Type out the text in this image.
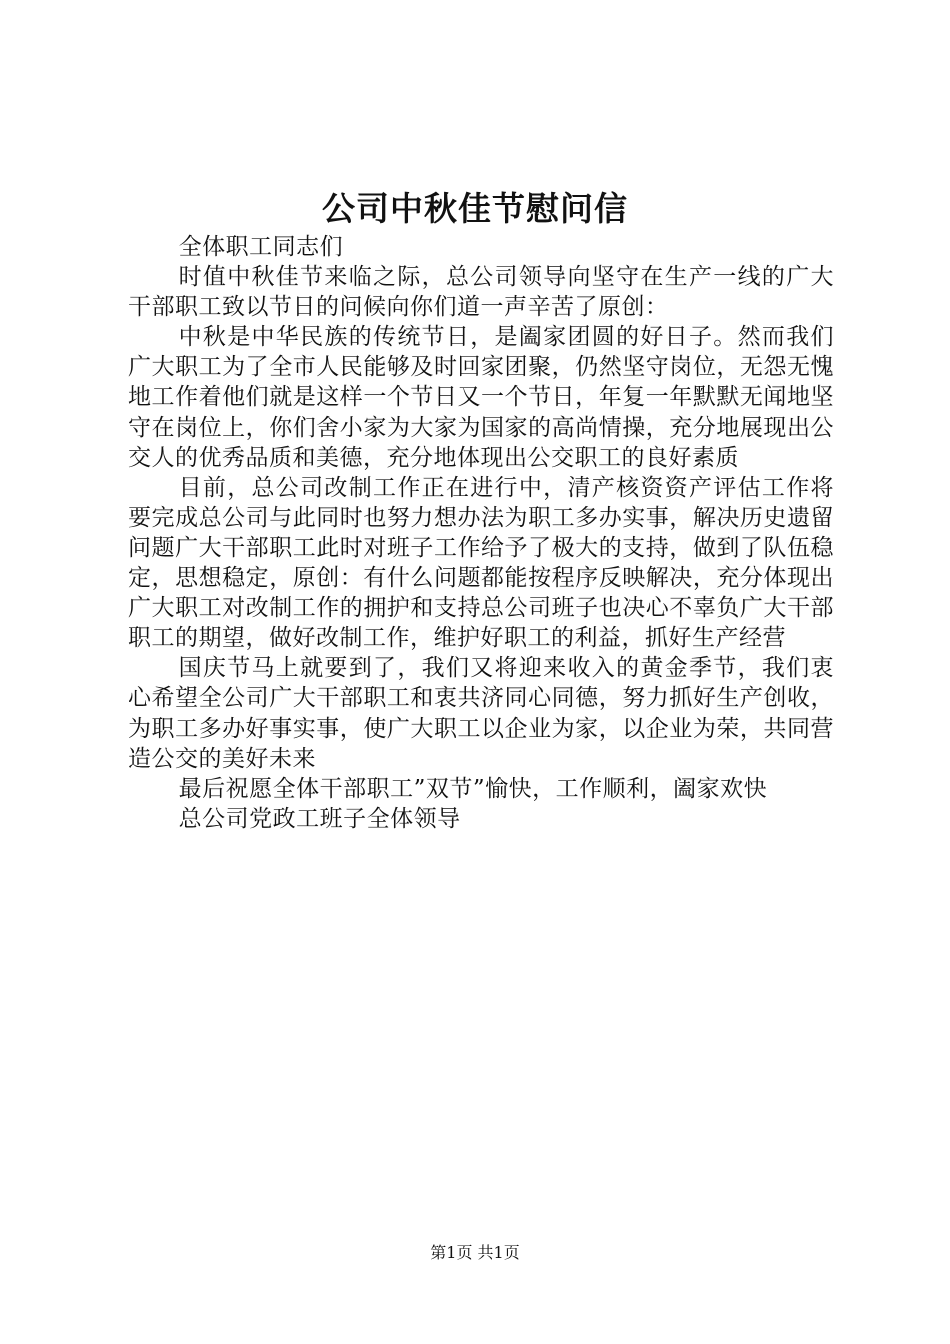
公司中秋佳节慰问信

全体职工同志们

时值中秋佳节来临之际，总公司领导向坚守在生产一线的广大干部职工致以节日的问候向你们道一声辛苦了原创：

中秋是中华民族的传统节日，是阖家团圆的好日子。然而我们广大职工为了全市人民能够及时回家团聚，仍然坚守岗位，无怨无愧地工作着他们就是这样一个节日又一个节日，年复一年默默无闻地坚守在岗位上，你们舍小家为大家为国家的高尚情操，充分地展现出公交人的优秀品质和美德，充分地体现出公交职工的良好素质

目前，总公司改制工作正在进行中，清产核资资产评估工作将要完成总公司与此同时也努力想办法为职工多办实事，解决历史遗留问题广大干部职工此时对班子工作给予了极大的支持，做到了队伍稳定，思想稳定，原创：有什么问题都能按程序反映解决，充分体现出广大职工对改制工作的拥护和支持总公司班子也决心不辜负广大干部职工的期望，做好改制工作，维护好职工的利益，抓好生产经营

国庆节马上就要到了，我们又将迎来收入的黄金季节，我们衷心希望全公司广大干部职工和衷共济同心同德，努力抓好生产创收，为职工多办好事实事，使广大职工以企业为家，以企业为荣，共同营造公交的美好未来

最后祝愿全体干部职工”双节”愉快，工作顺利，阖家欢快

总公司党政工班子全体领导

第1页 共1页
